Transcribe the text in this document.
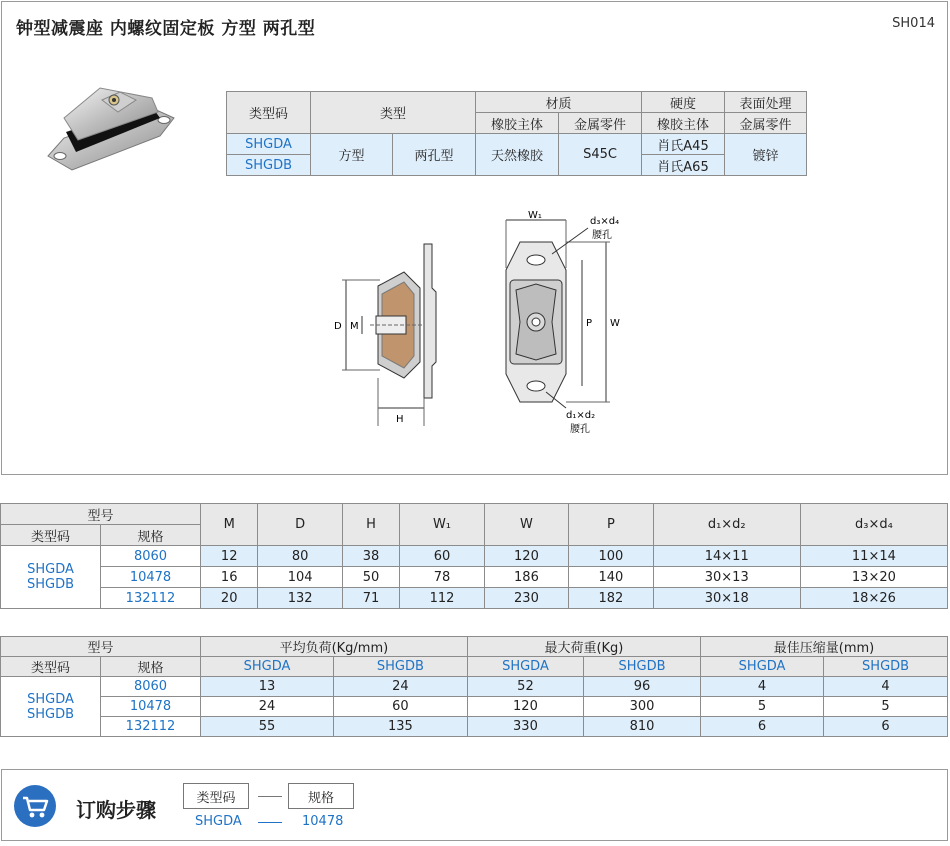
钟型减震座 内螺纹固定板 方型 两孔型	SH014
类型码	类型		材质		硬度	表面处理
			橡胶主体	金属零件	橡胶主体	金属零件
SHGDA	方型	两孔型	天然橡胶	S45C	肖氏A45	镀锌
SHGDB					肖氏A65	
D M
H
W₁
P W
d₃×d₄
腰孔
d₁×d₂
腰孔
型号		M	D	H	W₁	W	P	d₁×d₂	d₃×d₄
类型码	规格								

SHGDA
SHGDB	8060	12	80	38	60	120	100	14×11	11×14
	10478	16	104	50	78	186	140	30×13	13×20
	132112	20	132	71	112	230	182	30×18	18×26
型号		平均负荷(Kg/mm)		最大荷重(Kg)		最佳压缩量(mm)	
类型码	规格	SHGDA	SHGDB	SHGDA	SHGDB	SHGDA	SHGDB

SHGDA
SHGDB	8060	13	24	52	96	4	4
	10478	24	60	120	300	5	5
	132112	55	135	330	810	6	6
订购步骤	类型码	规格
SHGDA	10478
